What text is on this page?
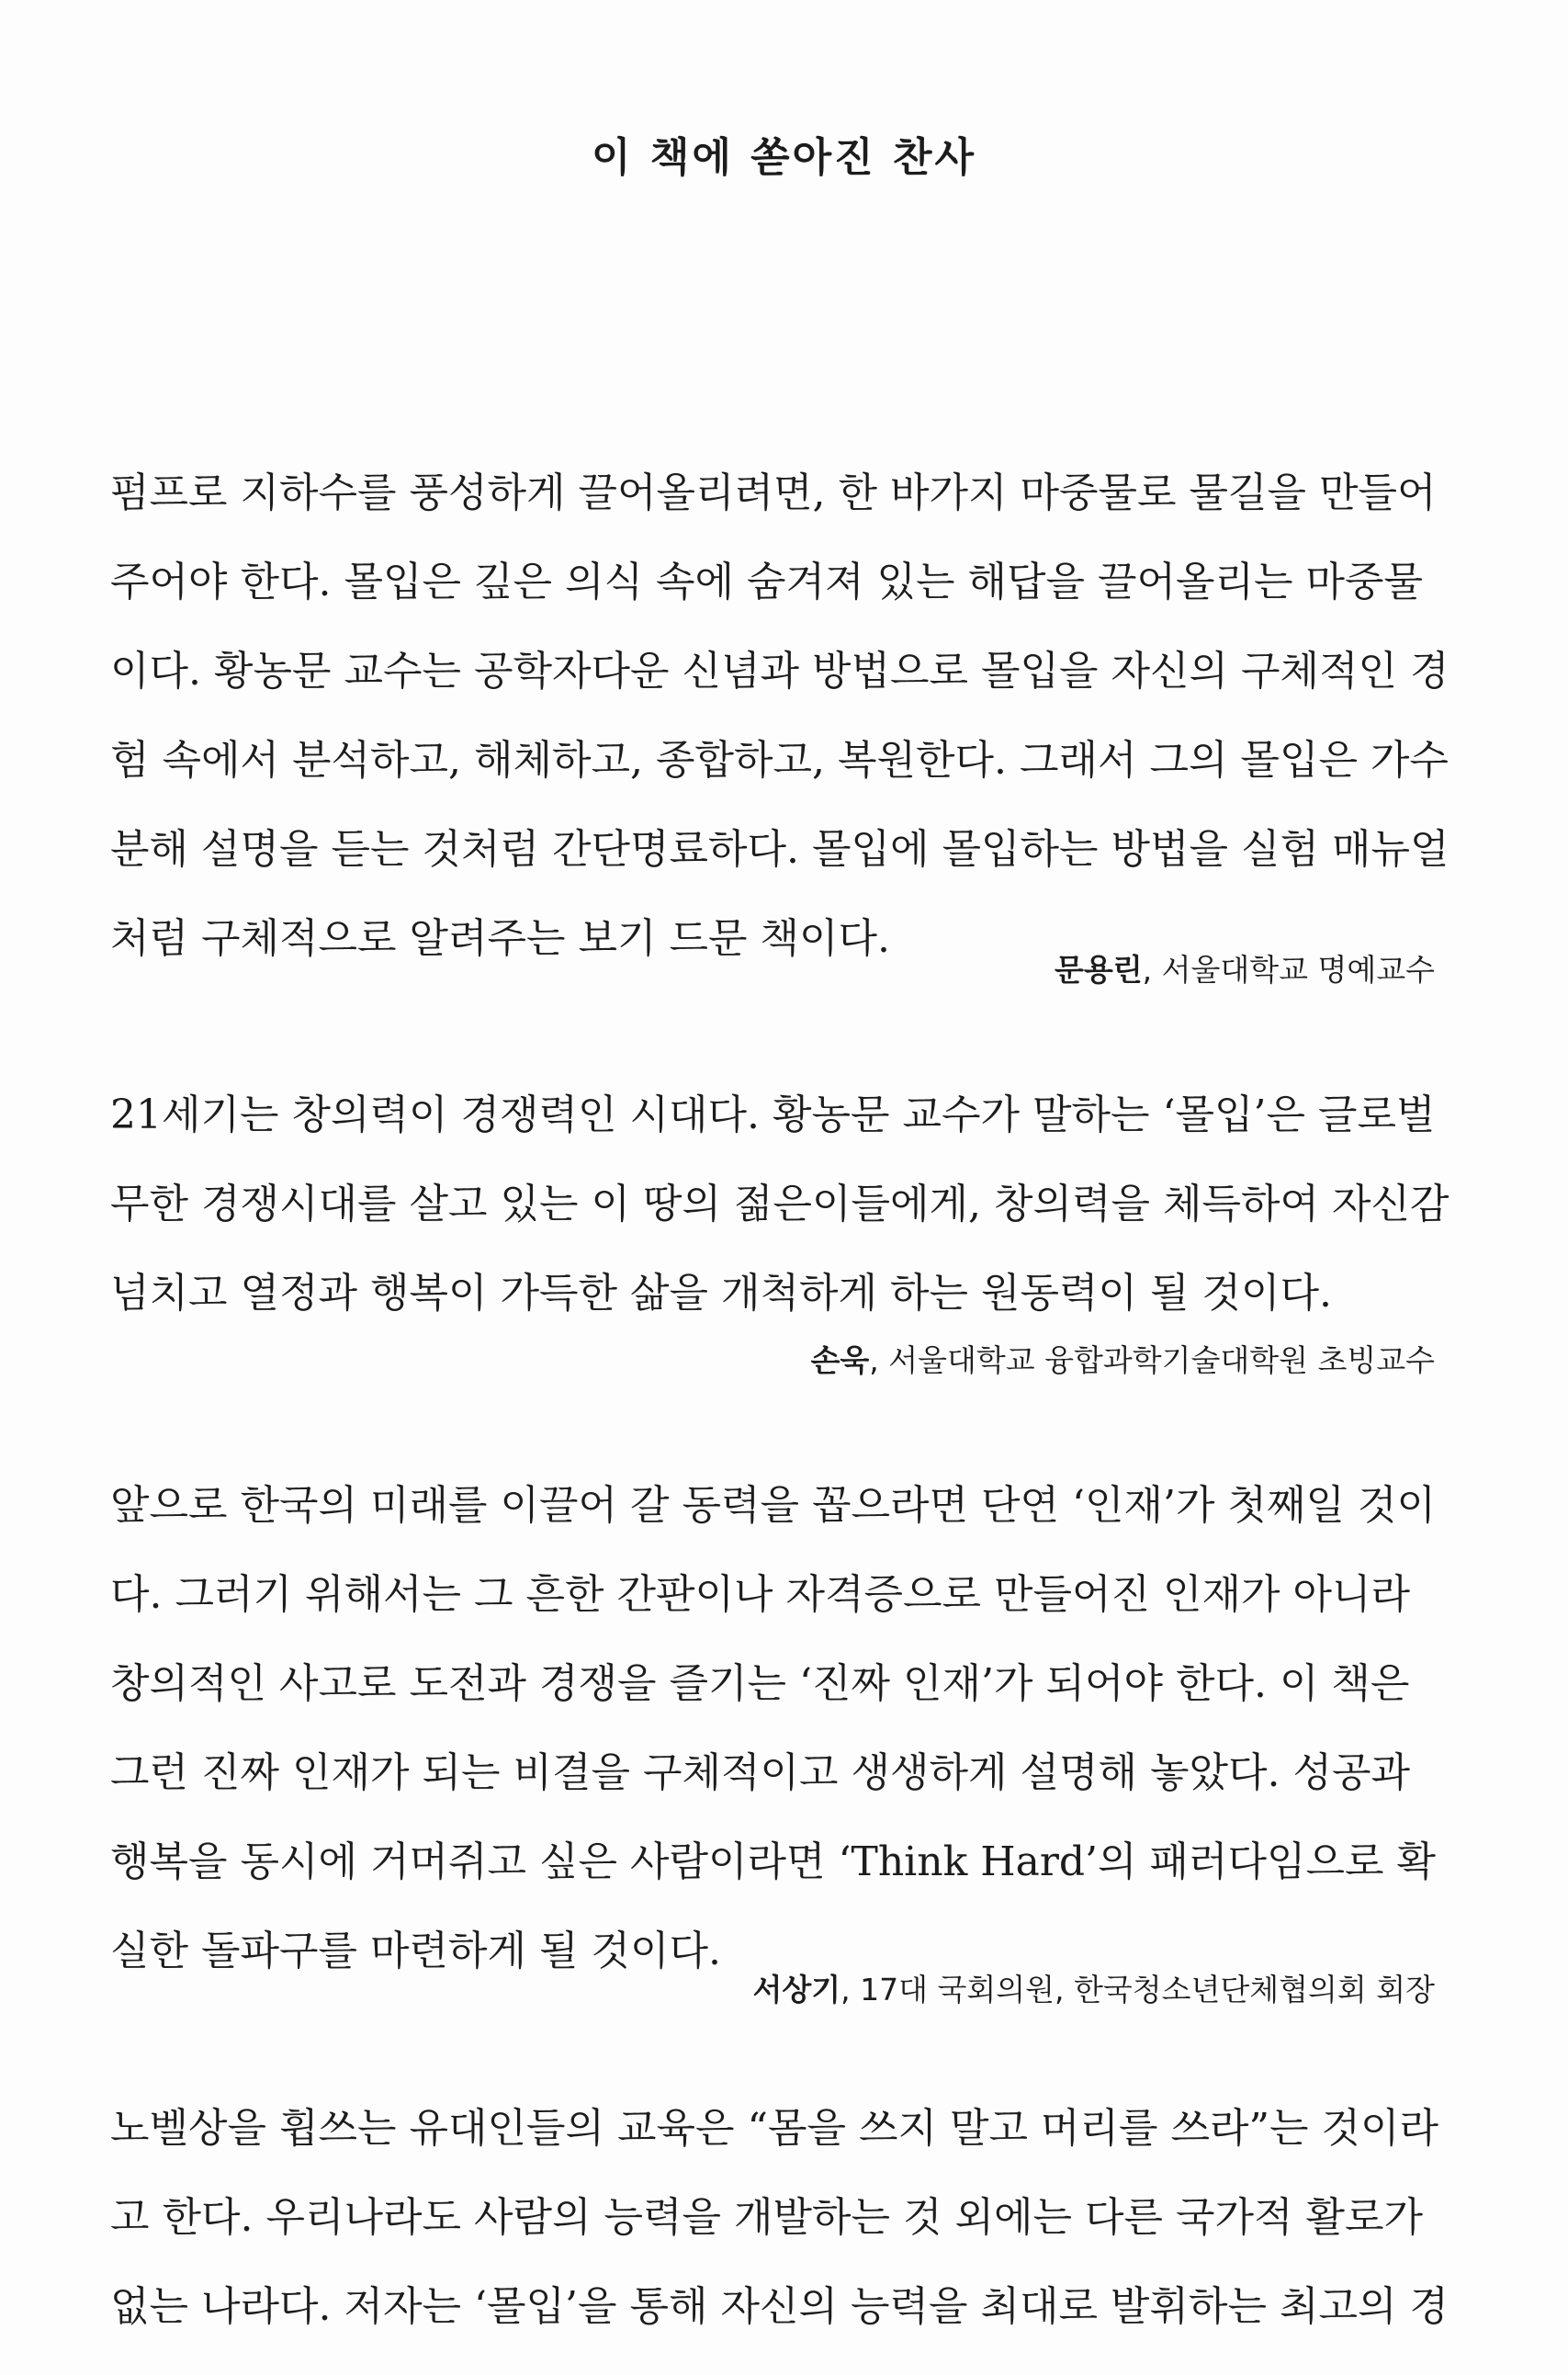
이 책에 쏟아진 찬사

펌프로 지하수를 풍성하게 끌어올리려면, 한 바가지 마중물로 물길을 만들어
주어야 한다. 몰입은 깊은 의식 속에 숨겨져 있는 해답을 끌어올리는 마중물
이다. 황농문 교수는 공학자다운 신념과 방법으로 몰입을 자신의 구체적인 경
험 속에서 분석하고, 해체하고, 종합하고, 복원한다. 그래서 그의 몰입은 가수
분해 설명을 듣는 것처럼 간단명료하다. 몰입에 몰입하는 방법을 실험 매뉴얼
처럼 구체적으로 알려주는 보기 드문 책이다.

문용린, 서울대학교 명예교수

21세기는 창의력이 경쟁력인 시대다. 황농문 교수가 말하는 ‘몰입’은 글로벌
무한 경쟁시대를 살고 있는 이 땅의 젊은이들에게, 창의력을 체득하여 자신감
넘치고 열정과 행복이 가득한 삶을 개척하게 하는 원동력이 될 것이다.

손욱, 서울대학교 융합과학기술대학원 초빙교수

앞으로 한국의 미래를 이끌어 갈 동력을 꼽으라면 단연 ‘인재’가 첫째일 것이
다. 그러기 위해서는 그 흔한 간판이나 자격증으로 만들어진 인재가 아니라
창의적인 사고로 도전과 경쟁을 즐기는 ‘진짜 인재’가 되어야 한다. 이 책은
그런 진짜 인재가 되는 비결을 구체적이고 생생하게 설명해 놓았다. 성공과
행복을 동시에 거머쥐고 싶은 사람이라면 ‘Think Hard’의 패러다임으로 확
실한 돌파구를 마련하게 될 것이다.

서상기, 17대 국회의원, 한국청소년단체협의회 회장

노벨상을 휩쓰는 유대인들의 교육은 “몸을 쓰지 말고 머리를 쓰라”는 것이라
고 한다. 우리나라도 사람의 능력을 개발하는 것 외에는 다른 국가적 활로가
없는 나라다. 저자는 ‘몰입’을 통해 자신의 능력을 최대로 발휘하는 최고의 경
